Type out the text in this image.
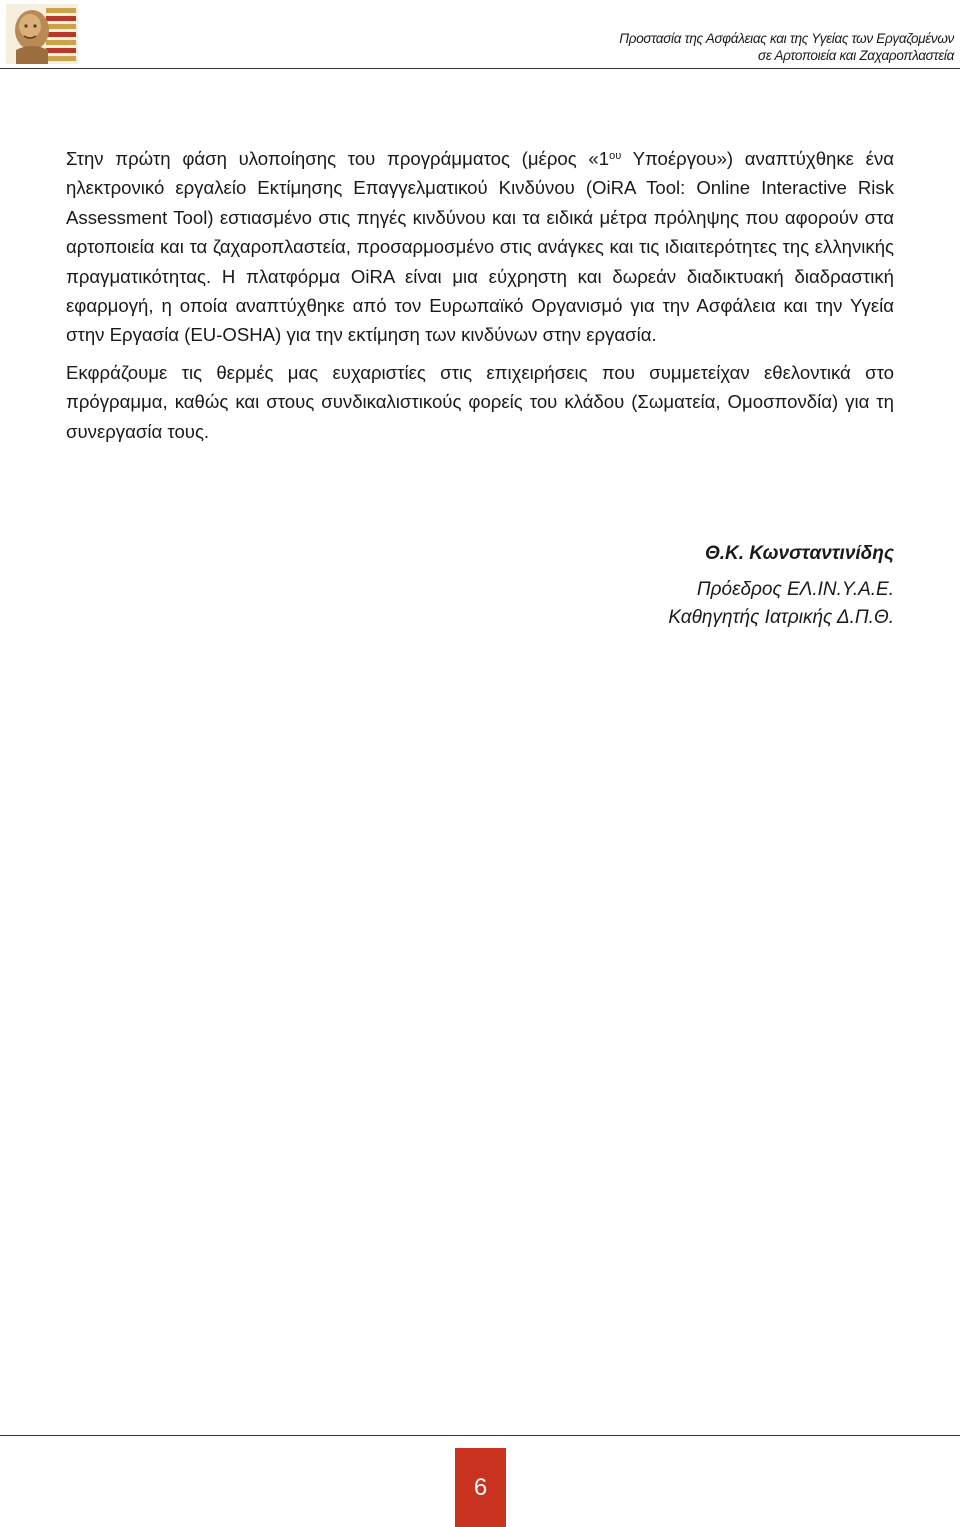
Προστασία της Ασφάλειας και της Υγείας των Εργαζομένων
σε Αρτοποιεία και Ζαχαροπλαστεία

Στην πρώτη φάση υλοποίησης του προγράμματος (μέρος «$1^{o\upsilon}$ Υποέργου») αναπτύχθηκε ένα ηλεκτρονικό εργαλείο Εκτίμησης Επαγγελματικού Κινδύνου (OiRA Tool: Online Interactive Risk Assessment Tool) εστιασμένο στις πηγές κινδύνου και τα ειδικά μέτρα πρόληψης που αφορούν στα αρτοποιεία και τα ζαχαροπλαστεία, προσαρμοσμένο στις ανάγκες και τις ιδιαιτερότητες της ελληνικής πραγματικότητας. Η πλατφόρμα OiRA είναι μια εύχρηστη και δωρεάν διαδικτυακή διαδραστική εφαρμογή, η οποία αναπτύχθηκε από τον Ευρωπαϊκό Οργανισμό για την Ασφάλεια και την Υγεία στην Εργασία (EU-OSHA) για την εκτίμηση των κινδύνων στην εργασία.

Εκφράζουμε τις θερμές μας ευχαριστίες στις επιχειρήσεις που συμμετείχαν εθελοντικά στο πρόγραμμα, καθώς και στους συνδικαλιστικούς φορείς του κλάδου (Σωματεία, Ομοσπονδία) για τη συνεργασία τους.

Θ.Κ. Κωνσταντινίδης
Πρόεδρος ΕΛ.ΙΝ.Υ.Α.Ε.
Καθηγητής Ιατρικής Δ.Π.Θ.
6
